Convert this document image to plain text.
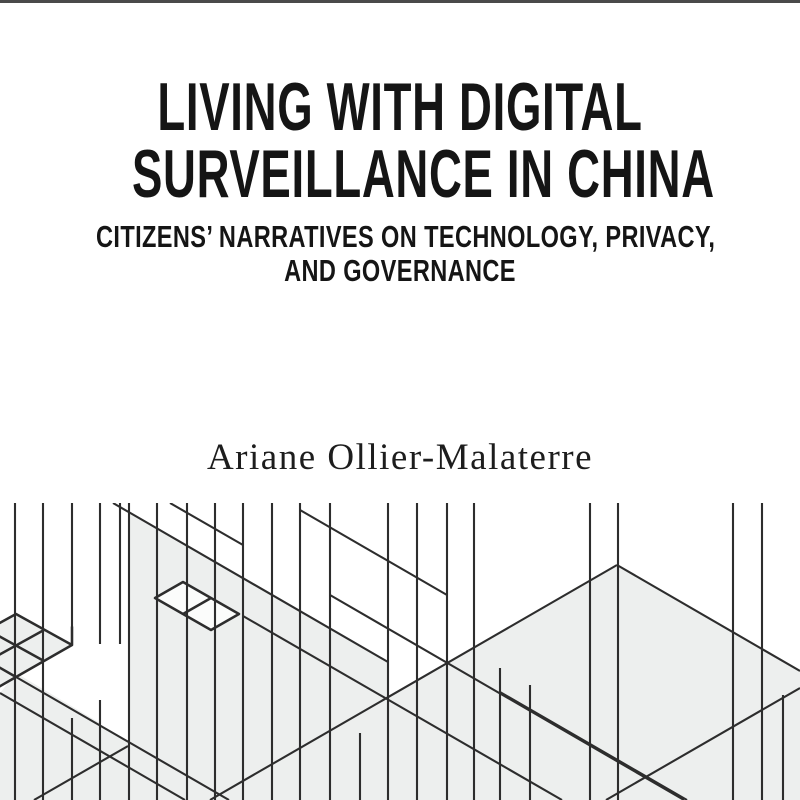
LIVING WITH DIGITAL
SURVEILLANCE IN CHINA
CITIZENS’ NARRATIVES ON TECHNOLOGY, PRIVACY,
AND GOVERNANCE
Ariane Ollier-Malaterre
